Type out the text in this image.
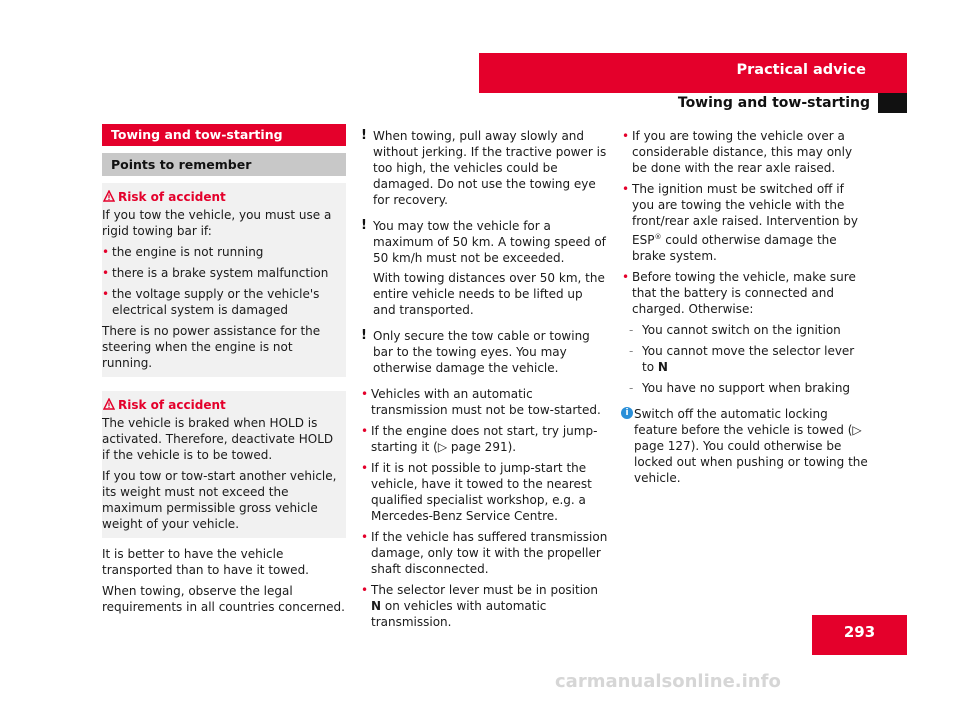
Practical advice
Towing and tow-starting
Towing and tow-starting
Points to remember
Risk of accident

If you tow the vehicle, you must use a rigid towing bar if:

• the engine is not running
• there is a brake system malfunction
• the voltage supply or the vehicle's electrical system is damaged

There is no power assistance for the steering when the engine is not running.

Risk of accident

The vehicle is braked when HOLD is activated. Therefore, deactivate HOLD if the vehicle is to be towed.

If you tow or tow-start another vehicle, its weight must not exceed the maximum permissible gross vehicle weight of your vehicle.

It is better to have the vehicle transported than to have it towed.

When towing, observe the legal requirements in all countries concerned.

! When towing, pull away slowly and without jerking. If the tractive power is too high, the vehicles could be damaged. Do not use the towing eye for recovery.
! You may tow the vehicle for a maximum of 50 km. A towing speed of 50 km/h must not be exceeded.
With towing distances over 50 km, the entire vehicle needs to be lifted up and transported.
! Only secure the tow cable or towing bar to the towing eyes. You may otherwise damage the vehicle.
• Vehicles with an automatic transmission must not be tow-started.
• If the engine does not start, try jump-starting it (▷ page 291).
• If it is not possible to jump-start the vehicle, have it towed to the nearest qualified specialist workshop, e.g. a Mercedes-Benz Service Centre.
• If the vehicle has suffered transmission damage, only tow it with the propeller shaft disconnected.
• The selector lever must be in position N on vehicles with automatic transmission.
• If you are towing the vehicle over a considerable distance, this may only be done with the rear axle raised.
• The ignition must be switched off if you are towing the vehicle with the front/rear axle raised. Intervention by ESP® could otherwise damage the brake system.
• Before towing the vehicle, make sure that the battery is connected and charged. Otherwise:
- You cannot switch on the ignition
- You cannot move the selector lever to N
- You have no support when braking
i Switch off the automatic locking feature before the vehicle is towed (▷ page 127). You could otherwise be locked out when pushing or towing the vehicle.
293
carmanualsonline.info
